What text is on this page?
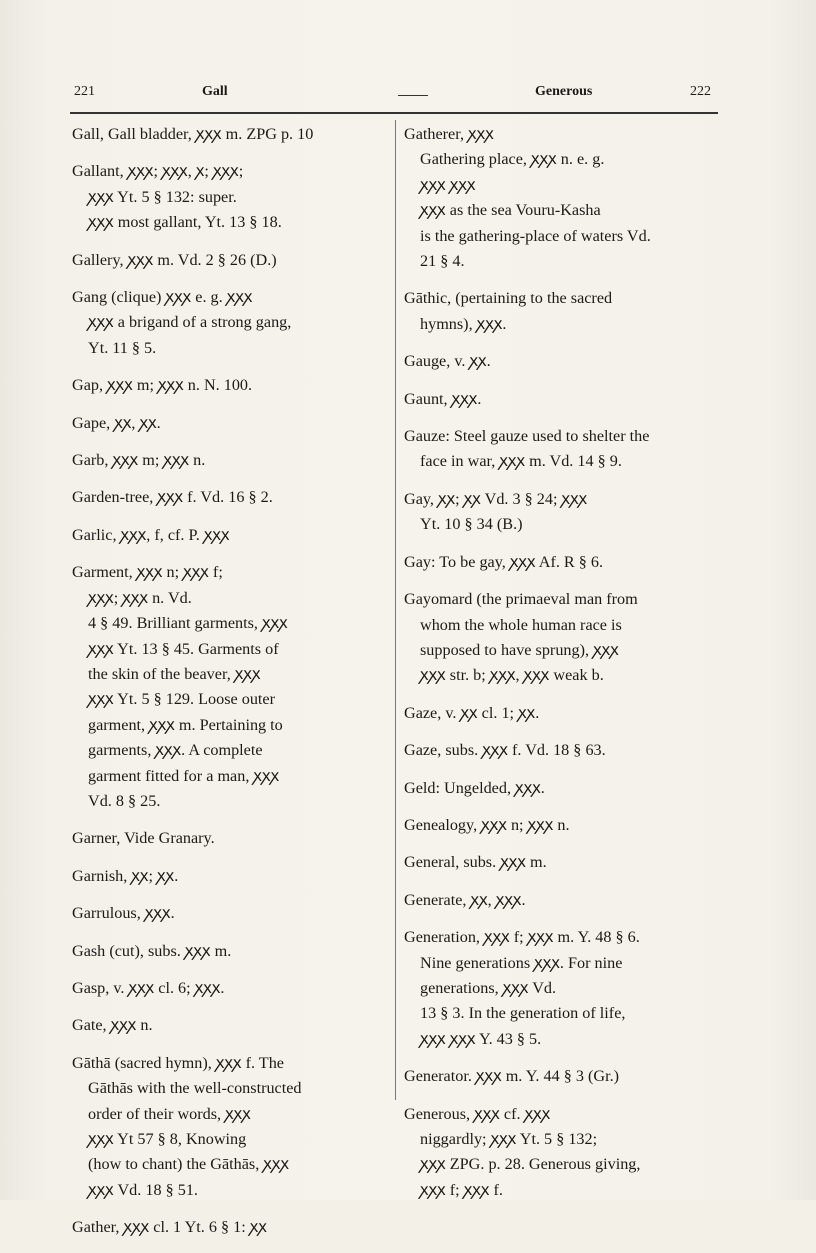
221	Gall	Generous	222
Gall, Gall bladder, ꭗꭗꭗ m. ZPG p. 10
Gallant, ꭗꭗꭗ; ꭗꭗꭗ, ꭗ; ꭗꭗꭗ;
ꭗꭗꭗ Yt. 5 § 132: super.
ꭗꭗꭗ most gallant, Yt. 13 § 18.
Gallery, ꭗꭗꭗ m. Vd. 2 § 26 (D.)
Gang (clique) ꭗꭗꭗ e. g. ꭗꭗꭗ
ꭗꭗꭗ a brigand of a strong gang,
Yt. 11 § 5.
Gap, ꭗꭗꭗ m; ꭗꭗꭗ n. N. 100.
Gape, ꭗꭗ, ꭗꭗ.
Garb, ꭗꭗꭗ m; ꭗꭗꭗ n.
Garden-tree, ꭗꭗꭗ f. Vd. 16 § 2.
Garlic, ꭗꭗꭗ, f, cf. P. ꭗꭗꭗ
Garment, ꭗꭗꭗ n; ꭗꭗꭗ f;
ꭗꭗꭗ; ꭗꭗꭗ n. Vd.
4 § 49. Brilliant garments, ꭗꭗꭗ
ꭗꭗꭗ Yt. 13 § 45. Garments of
the skin of the beaver, ꭗꭗꭗ
ꭗꭗꭗ Yt. 5 § 129. Loose outer
garment, ꭗꭗꭗ m. Pertaining to
garments, ꭗꭗꭗ. A complete
garment fitted for a man, ꭗꭗꭗ
Vd. 8 § 25.
Garner, Vide Granary.
Garnish, ꭗꭗ; ꭗꭗ.
Garrulous, ꭗꭗꭗ.
Gash (cut), subs. ꭗꭗꭗ m.
Gasp, v. ꭗꭗꭗ cl. 6; ꭗꭗꭗ.
Gate, ꭗꭗꭗ n.
Gāthā (sacred hymn), ꭗꭗꭗ f. The
Gāthās with the well-constructed
order of their words, ꭗꭗꭗ
ꭗꭗꭗ Yt 57 § 8, Knowing
(how to chant) the Gāthās, ꭗꭗꭗ
ꭗꭗꭗ Vd. 18 § 51.
Gather, ꭗꭗꭗ cl. 1 Yt. 6 § 1: ꭗꭗ
Gatherer, ꭗꭗꭗ
Gathering place, ꭗꭗꭗ n. e. g.
ꭗꭗꭗ ꭗꭗꭗ
ꭗꭗꭗ as the sea Vouru-Kasha
is the gathering-place of waters Vd.
21 § 4.
Gāthic, (pertaining to the sacred
hymns), ꭗꭗꭗ.
Gauge, v. ꭗꭗ.
Gaunt, ꭗꭗꭗ.
Gauze: Steel gauze used to shelter the
face in war, ꭗꭗꭗ m. Vd. 14 § 9.
Gay, ꭗꭗ; ꭗꭗ Vd. 3 § 24; ꭗꭗꭗ
Yt. 10 § 34 (B.)
Gay: To be gay, ꭗꭗꭗ Af. R § 6.
Gayomard (the primaeval man from
whom the whole human race is
supposed to have sprung), ꭗꭗꭗ
ꭗꭗꭗ str. b; ꭗꭗꭗ, ꭗꭗꭗ weak b.
Gaze, v. ꭗꭗ cl. 1; ꭗꭗ.
Gaze, subs. ꭗꭗꭗ f. Vd. 18 § 63.
Geld: Ungelded, ꭗꭗꭗ.
Genealogy, ꭗꭗꭗ n; ꭗꭗꭗ n.
General, subs. ꭗꭗꭗ m.
Generate, ꭗꭗ, ꭗꭗꭗ.
Generation, ꭗꭗꭗ f; ꭗꭗꭗ m. Y. 48 § 6.
Nine generations ꭗꭗꭗ. For nine
generations, ꭗꭗꭗ Vd.
13 § 3. In the generation of life,
ꭗꭗꭗ ꭗꭗꭗ Y. 43 § 5.
Generator. ꭗꭗꭗ m. Y. 44 § 3 (Gr.)
Generous, ꭗꭗꭗ cf. ꭗꭗꭗ
niggardly; ꭗꭗꭗ Yt. 5 § 132;
ꭗꭗꭗ ZPG. p. 28. Generous giving,
ꭗꭗꭗ f; ꭗꭗꭗ f.
